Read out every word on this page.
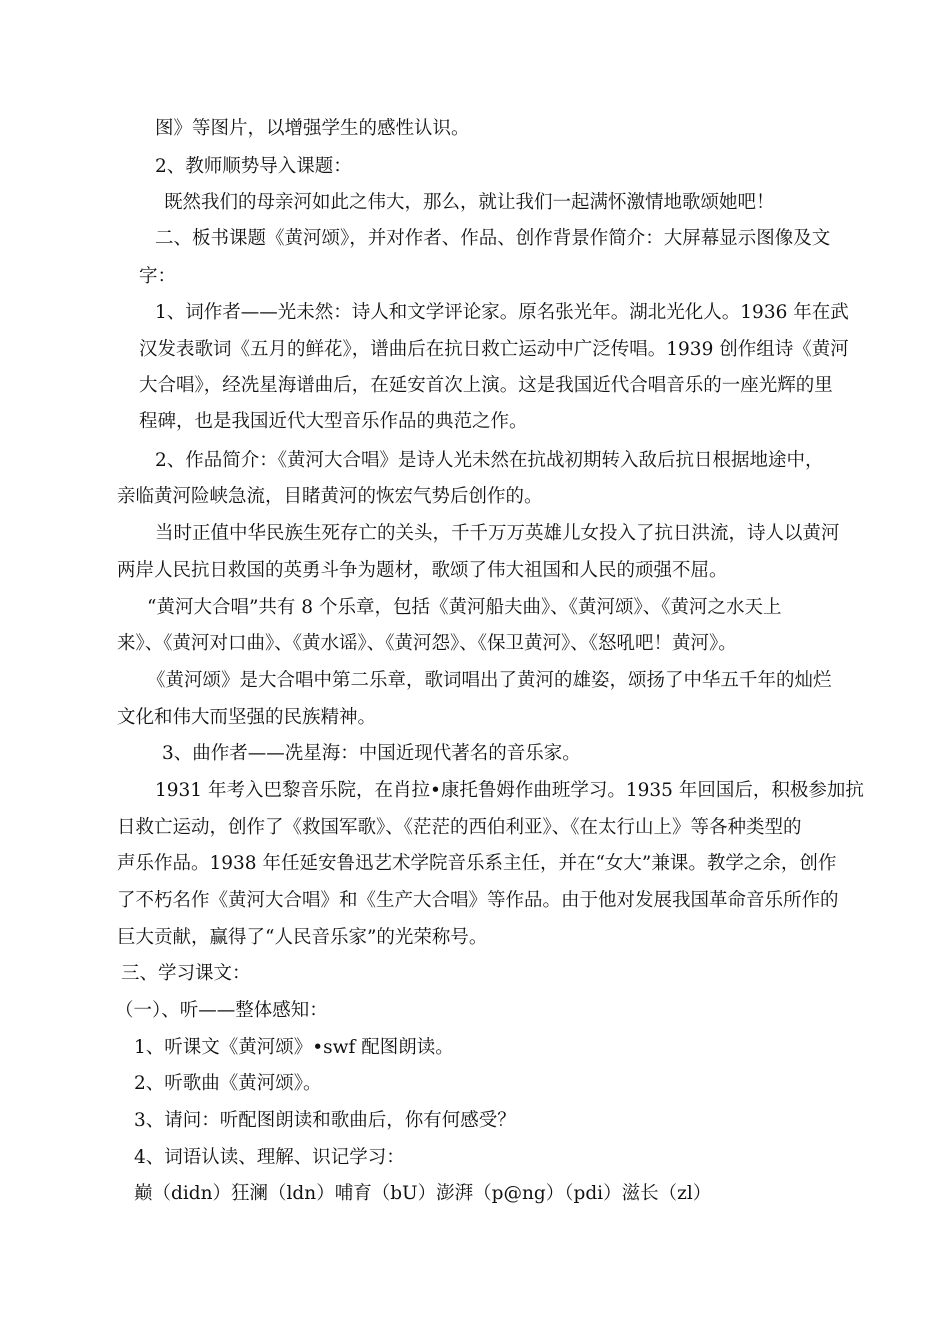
图》等图片，以增强学生的感性认识。
2、教师顺势导入课题：
既然我们的母亲河如此之伟大，那么，就让我们一起满怀激情地歌颂她吧！
二、板书课题《黄河颂》，并对作者、作品、创作背景作简介：大屏幕显示图像及文
字：
1、词作者——光未然：诗人和文学评论家。原名张光年。湖北光化人。1936 年在武
汉发表歌词《五月的鲜花》，谱曲后在抗日救亡运动中广泛传唱。1939 创作组诗《黄河
大合唱》，经冼星海谱曲后，在延安首次上演。这是我国近代合唱音乐的一座光辉的里
程碑，也是我国近代大型音乐作品的典范之作。
2、作品简介：《黄河大合唱》是诗人光未然在抗战初期转入敌后抗日根据地途中，
亲临黄河险峡急流，目睹黄河的恢宏气势后创作的。
当时正值中华民族生死存亡的关头，千千万万英雄儿女投入了抗日洪流，诗人以黄河
两岸人民抗日救国的英勇斗争为题材，歌颂了伟大祖国和人民的顽强不屈。
“黄河大合唱”共有 8 个乐章，包括《黄河船夫曲》、《黄河颂》、《黄河之水天上
来》、《黄河对口曲》、《黄水谣》、《黄河怨》、《保卫黄河》、《怒吼吧！黄河》。
《黄河颂》是大合唱中第二乐章，歌词唱出了黄河的雄姿，颂扬了中华五千年的灿烂
文化和伟大而坚强的民族精神。
3、曲作者——冼星海：中国近现代著名的音乐家。
1931 年考入巴黎音乐院，在肖拉•康托鲁姆作曲班学习。1935 年回国后，积极参加抗
日救亡运动，创作了《救国军歌》、《茫茫的西伯利亚》、《在太行山上》等各种类型的
声乐作品。1938 年任延安鲁迅艺术学院音乐系主任，并在“女大”兼课。教学之余，创作
了不朽名作《黄河大合唱》和《生产大合唱》等作品。由于他对发展我国革命音乐所作的
巨大贡献，赢得了“人民音乐家”的光荣称号。
三、学习课文：
（一）、听——整体感知：
1、听课文《黄河颂》•swf 配图朗读。
2、听歌曲《黄河颂》。
3、请问：听配图朗读和歌曲后，你有何感受？
4、词语认读、理解、识记学习：
巅（didn）狂澜（ldn）哺育（bU）澎湃（p@ng）（pdi）滋长（zl）
